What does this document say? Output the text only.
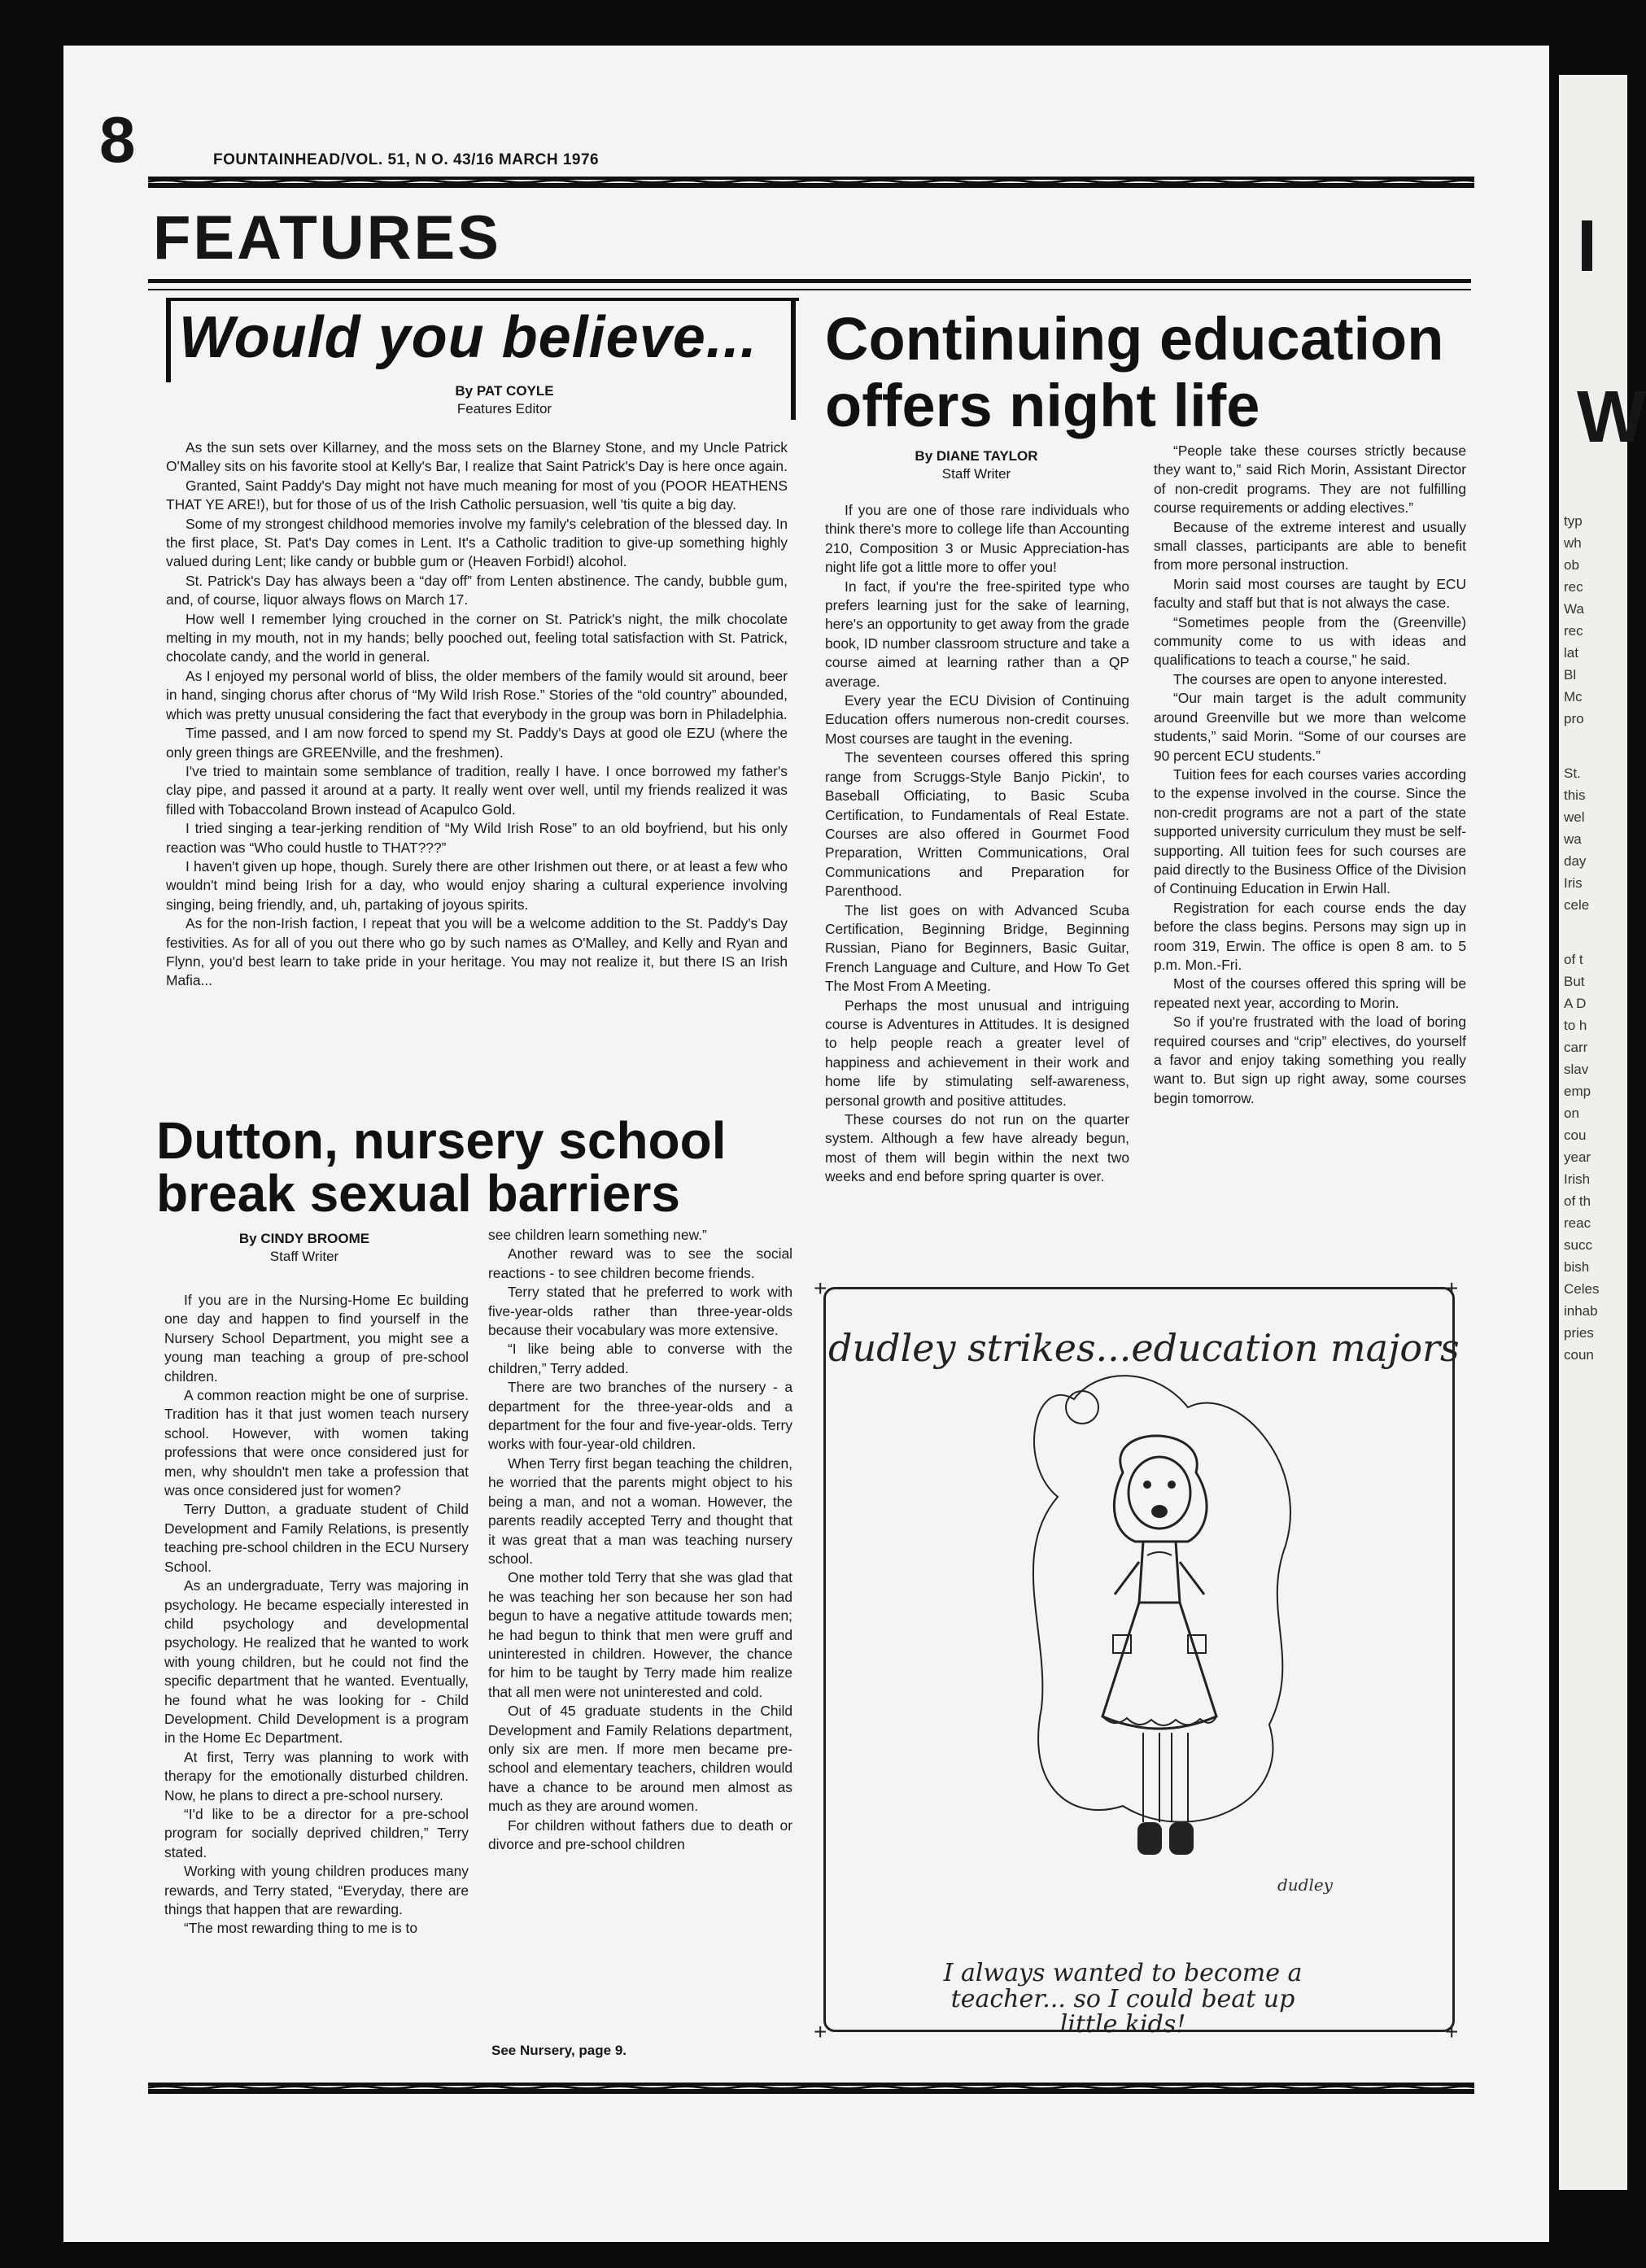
I
W
typ
wh
ob
rec
Wa
rec
lat
Bl
Mc
pro
St.
this
wel
wa
day
Iris
cele
of t
But
A D
to h
carr
slav
emp
on
cou
year
Irish
of th
reac
succ
bish
Celes
inhab
pries
coun
8	FOUNTAINHEAD/VOL. 51, N O. 43/16 MARCH 1976
FEATURES
Would you believe...
By PAT COYLE
Features Editor

As the sun sets over Killarney, and the moss sets on the Blarney Stone, and my Uncle Patrick O'Malley sits on his favorite stool at Kelly's Bar, I realize that Saint Patrick's Day is here once again.

Granted, Saint Paddy's Day might not have much meaning for most of you (POOR HEATHENS THAT YE ARE!), but for those of us of the Irish Catholic persuasion, well 'tis quite a big day.

Some of my strongest childhood memories involve my family's celebration of the blessed day. In the first place, St. Pat's Day comes in Lent. It's a Catholic tradition to give-up something highly valued during Lent; like candy or bubble gum or (Heaven Forbid!) alcohol.

St. Patrick's Day has always been a “day off” from Lenten abstinence. The candy, bubble gum, and, of course, liquor always flows on March 17.

How well I remember lying crouched in the corner on St. Patrick's night, the milk chocolate melting in my mouth, not in my hands; belly pooched out, feeling total satisfaction with St. Patrick, chocolate candy, and the world in general.

As I enjoyed my personal world of bliss, the older members of the family would sit around, beer in hand, singing chorus after chorus of “My Wild Irish Rose.” Stories of the “old country” abounded, which was pretty unusual considering the fact that everybody in the group was born in Philadelphia.

Time passed, and I am now forced to spend my St. Paddy's Days at good ole EZU (where the only green things are GREENville, and the freshmen).

I've tried to maintain some semblance of tradition, really I have. I once borrowed my father's clay pipe, and passed it around at a party. It really went over well, until my friends realized it was filled with Tobaccoland Brown instead of Acapulco Gold.

I tried singing a tear-jerking rendition of “My Wild Irish Rose” to an old boyfriend, but his only reaction was “Who could hustle to THAT???”

I haven't given up hope, though. Surely there are other Irishmen out there, or at least a few who wouldn't mind being Irish for a day, who would enjoy sharing a cultural experience involving singing, being friendly, and, uh, partaking of joyous spirits.

As for the non-Irish faction, I repeat that you will be a welcome addition to the St. Paddy's Day festivities. As for all of you out there who go by such names as O'Malley, and Kelly and Ryan and Flynn, you'd best learn to take pride in your heritage. You may not realize it, but there IS an Irish Mafia...

Continuing education
offers night life
By DIANE TAYLOR
Staff Writer

If you are one of those rare individuals who think there's more to college life than Accounting 210, Composition 3 or Music Appreciation-has night life got a little more to offer you!

In fact, if you're the free-spirited type who prefers learning just for the sake of learning, here's an opportunity to get away from the grade book, ID number classroom structure and take a course aimed at learning rather than a QP average.

Every year the ECU Division of Continuing Education offers numerous non-credit courses. Most courses are taught in the evening.

The seventeen courses offered this spring range from Scruggs-Style Banjo Pickin', to Baseball Officiating, to Basic Scuba Certification, to Fundamentals of Real Estate. Courses are also offered in Gourmet Food Preparation, Written Communications, Oral Communications and Preparation for Parenthood.

The list goes on with Advanced Scuba Certification, Beginning Bridge, Beginning Russian, Piano for Beginners, Basic Guitar, French Language and Culture, and How To Get The Most From A Meeting.

Perhaps the most unusual and intriguing course is Adventures in Attitudes. It is designed to help people reach a greater level of happiness and achievement in their work and home life by stimulating self-awareness, personal growth and positive attitudes.

These courses do not run on the quarter system. Although a few have already begun, most of them will begin within the next two weeks and end before spring quarter is over.

“People take these courses strictly because they want to,” said Rich Morin, Assistant Director of non-credit programs. They are not fulfilling course requirements or adding electives.”

Because of the extreme interest and usually small classes, participants are able to benefit from more personal instruction.

Morin said most courses are taught by ECU faculty and staff but that is not always the case.

“Sometimes people from the (Greenville) community come to us with ideas and qualifications to teach a course,” he said.

The courses are open to anyone interested.

“Our main target is the adult community around Greenville but we more than welcome students,” said Morin. “Some of our courses are 90 percent ECU students.”

Tuition fees for each courses varies according to the expense involved in the course. Since the non-credit programs are not a part of the state supported university curriculum they must be self-supporting. All tuition fees for such courses are paid directly to the Business Office of the Division of Continuing Education in Erwin Hall.

Registration for each course ends the day before the class begins. Persons may sign up in room 319, Erwin. The office is open 8 am. to 5 p.m. Mon.-Fri.

Most of the courses offered this spring will be repeated next year, according to Morin.

So if you're frustrated with the load of boring required courses and “crip” electives, do yourself a favor and enjoy taking something you really want to. But sign up right away, some courses begin tomorrow.

Dutton, nursery school break sexual barriers
By CINDY BROOME
Staff Writer

If you are in the Nursing-Home Ec building one day and happen to find yourself in the Nursery School Department, you might see a young man teaching a group of pre-school children.

A common reaction might be one of surprise. Tradition has it that just women teach nursery school. However, with women taking professions that were once considered just for men, why shouldn't men take a profession that was once considered just for women?

Terry Dutton, a graduate student of Child Development and Family Relations, is presently teaching pre-school children in the ECU Nursery School.

As an undergraduate, Terry was majoring in psychology. He became especially interested in child psychology and developmental psychology. He realized that he wanted to work with young children, but he could not find the specific department that he wanted. Eventually, he found what he was looking for - Child Development. Child Development is a program in the Home Ec Department.

At first, Terry was planning to work with therapy for the emotionally disturbed children. Now, he plans to direct a pre-school nursery.

“I'd like to be a director for a pre-school program for socially deprived children,” Terry stated.

Working with young children produces many rewards, and Terry stated, “Everyday, there are things that happen that are rewarding.

“The most rewarding thing to me is to

see children learn something new.”

Another reward was to see the social reactions - to see children become friends.

Terry stated that he preferred to work with five-year-olds rather than three-year-olds because their vocabulary was more extensive.

“I like being able to converse with the children,” Terry added.

There are two branches of the nursery - a department for the three-year-olds and a department for the four and five-year-olds. Terry works with four-year-old children.

When Terry first began teaching the children, he worried that the parents might object to his being a man, and not a woman. However, the parents readily accepted Terry and thought that it was great that a man was teaching nursery school.

One mother told Terry that she was glad that he was teaching her son because her son had begun to have a negative attitude towards men; he had begun to think that men were gruff and uninterested in children. However, the chance for him to be taught by Terry made him realize that all men were not uninterested and cold.

Out of 45 graduate students in the Child Development and Family Relations department, only six are men. If more men became pre-school and elementary teachers, children would have a chance to be around men almost as much as they are around women.

For children without fathers due to death or divorce and pre-school children

See Nursery, page 9.
+	+
+	+
dudley strikes...education majors
dudley
I always wanted to become a
teacher... so I could beat up
little kids!
